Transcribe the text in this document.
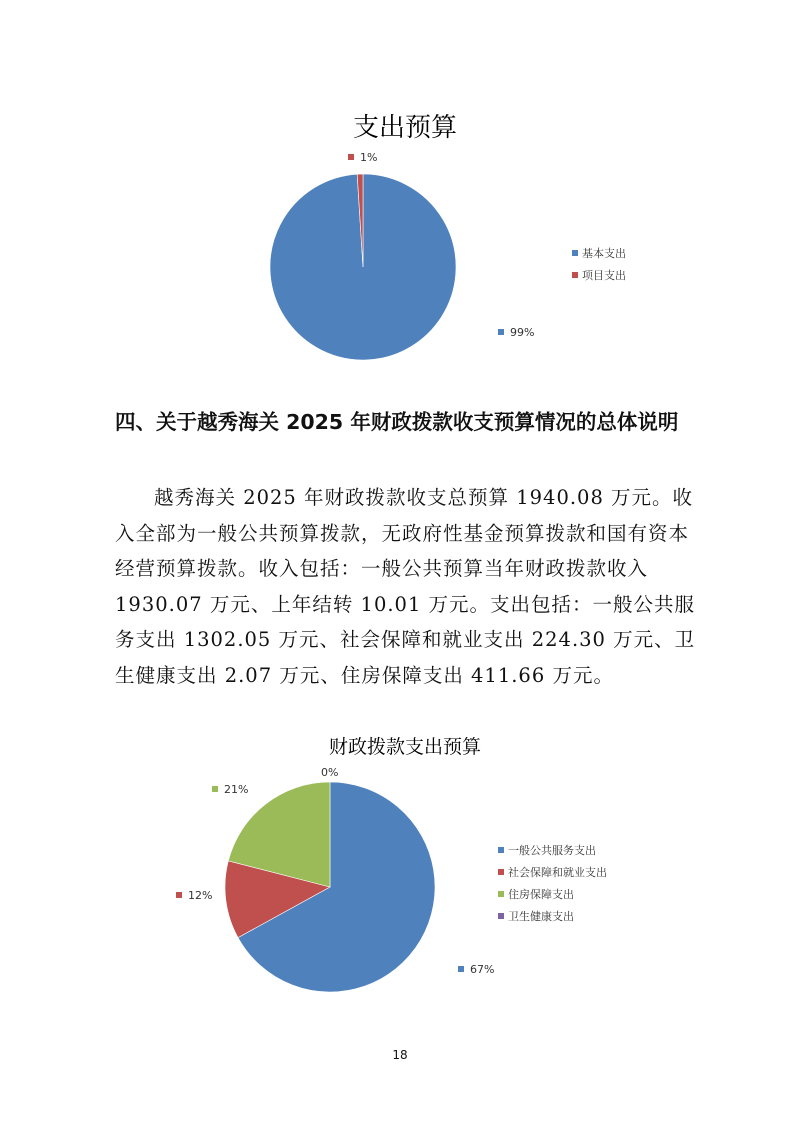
支出预算
99%
1%
基本支出
项目支出
四、关于越秀海关 2025 年财政拨款收支预算情况的总体说明

越秀海关 2025 年财政拨款收支总预算 1940.08 万元。收入全部为一般公共预算拨款，无政府性基金预算拨款和国有资本经营预算拨款。收入包括：一般公共预算当年财政拨款收入 1930.07 万元、上年结转 10.01 万元。支出包括：一般公共服务支出 1302.05 万元、社会保障和就业支出 224.30 万元、卫生健康支出 2.07 万元、住房保障支出 411.66 万元。

财政拨款支出预算
67%
12%
21%
0%
一般公共服务支出
社会保障和就业支出
住房保障支出
卫生健康支出
18
